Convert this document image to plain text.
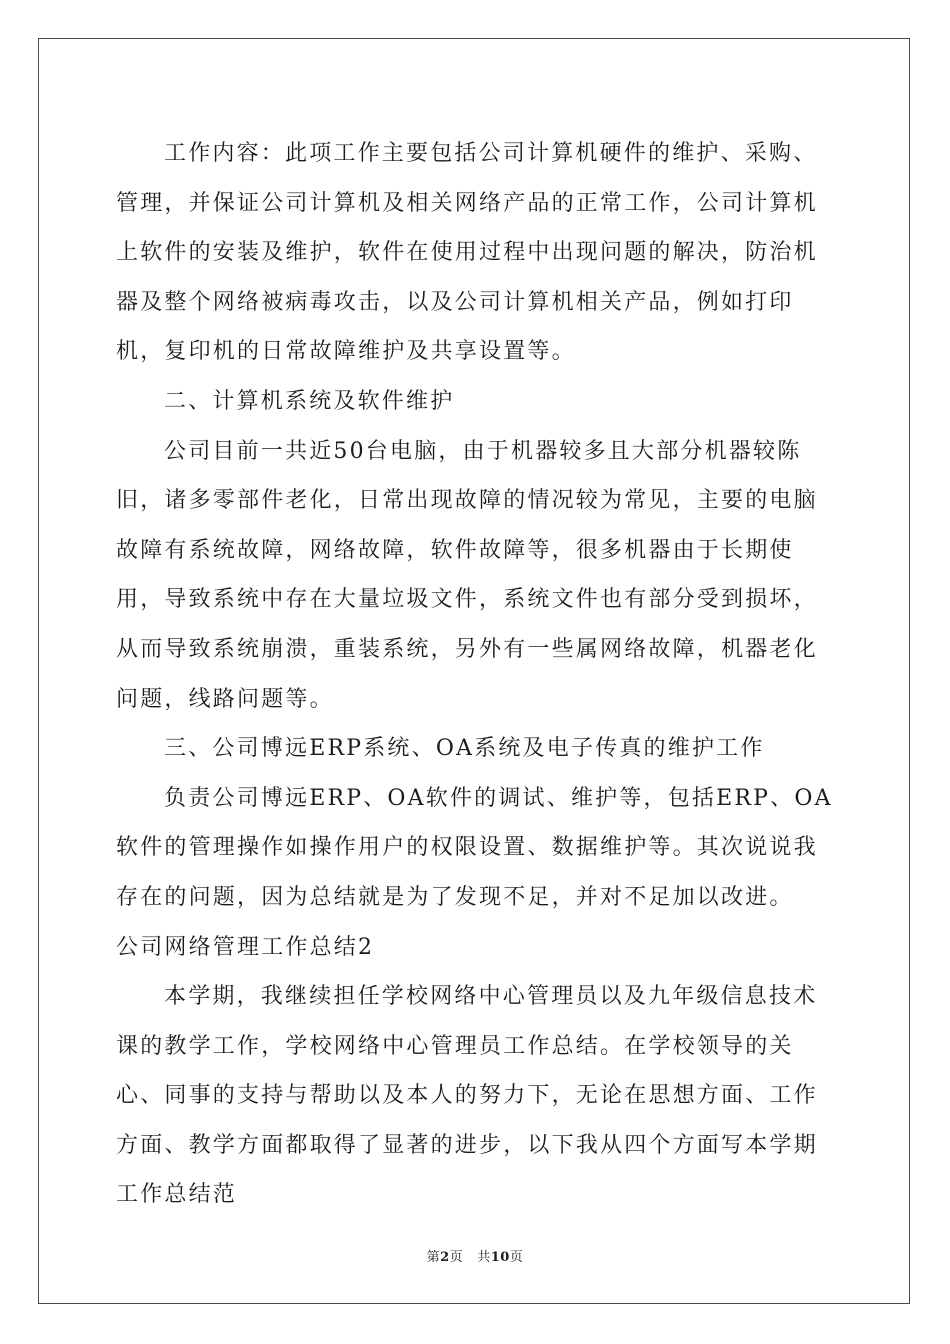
工作内容：此项工作主要包括公司计算机硬件的维护、采购、管理，并保证公司计算机及相关网络产品的正常工作，公司计算机上软件的安装及维护，软件在使用过程中出现问题的解决，防治机器及整个网络被病毒攻击，以及公司计算机相关产品，例如打印机，复印机的日常故障维护及共享设置等。

二、计算机系统及软件维护

公司目前一共近50台电脑，由于机器较多且大部分机器较陈旧，诸多零部件老化，日常出现故障的情况较为常见，主要的电脑故障有系统故障，网络故障，软件故障等，很多机器由于长期使用，导致系统中存在大量垃圾文件，系统文件也有部分受到损坏，从而导致系统崩溃，重装系统，另外有一些属网络故障，机器老化问题，线路问题等。

三、公司博远ERP系统、OA系统及电子传真的维护工作

负责公司博远ERP、OA软件的调试、维护等，包括ERP、OA软件的管理操作如操作用户的权限设置、数据维护等。其次说说我存在的问题，因为总结就是为了发现不足，并对不足加以改进。

公司网络管理工作总结2

本学期，我继续担任学校网络中心管理员以及九年级信息技术课的教学工作，学校网络中心管理员工作总结。在学校领导的关心、同事的支持与帮助以及本人的努力下，无论在思想方面、工作方面、教学方面都取得了显著的进步，以下我从四个方面写本学期工作总结范

第2页 共10页
